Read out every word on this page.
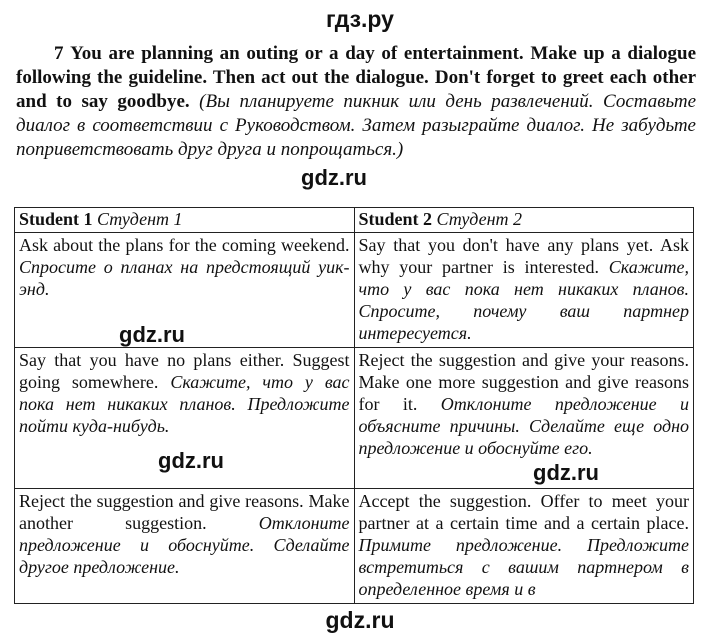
гдз.ру
7 You are planning an outing or a day of entertainment. Make up a dialogue following the guideline. Then act out the dialogue. Don't forget to greet each other and to say goodbye. (Вы планируете пикник или день развлечений. Составьте диалог в соответствии с Руководством. Затем разыграйте диалог. Не забудьте поприветствовать друг друга и попрощаться.)
gdz.ru
Student 1 Студент 1	Student 2 Студент 2
Ask about the plans for the coming weekend. Спросите о планах на предстоящий уик-энд.	Say that you don't have any plans yet. Ask why your partner is interested. Скажите, что у вас пока нет никаких планов. Спросите, почему ваш партнер интересуется.
Say that you have no plans either. Suggest going somewhere. Скажите, что у вас пока нет никаких планов. Предложите пойти куда-нибудь.	Reject the suggestion and give your reasons. Make one more suggestion and give reasons for it. Отклоните предложение и объясните причины. Сделайте еще одно предложение и обоснуйте его.
Reject the suggestion and give reasons. Make another suggestion. Отклоните предложение и обоснуйте. Сделайте другое предложение.	Accept the suggestion. Offer to meet your partner at a certain time and a certain place. Примите предложение. Предложите встретиться с вашим партнером в определенное время и в
gdz.ru
gdz.ru	gdz.ru
gdz.ru
